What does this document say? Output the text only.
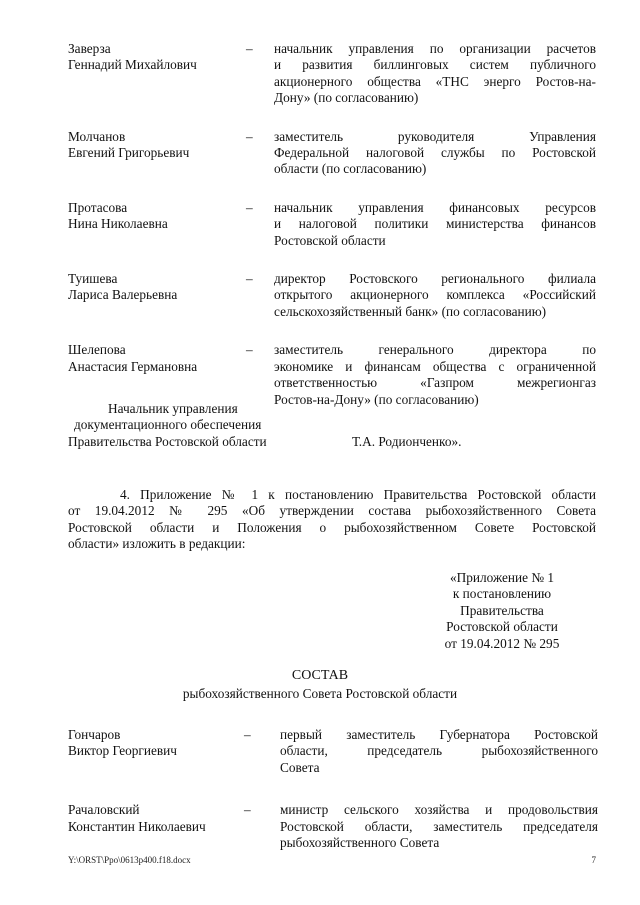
Заверза
Геннадий Михайлович
–	начальник управления по организации расчетов
и развития биллинговых систем публичного
акционерного общества «ТНС энерго Ростов-на-
Дону» (по согласованию)
Молчанов
Евгений Григорьевич
–	заместитель руководителя Управления
Федеральной налоговой службы по Ростовской
области (по согласованию)
Протасова
Нина Николаевна
–	начальник управления финансовых ресурсов
и налоговой политики министерства финансов
Ростовской области
Туишева
Лариса Валерьевна
–	директор Ростовского регионального филиала
открытого акционерного комплекса «Российский
сельскохозяйственный банк» (по согласованию)
Шелепова
Анастасия Германовна
–	заместитель генерального директора по
экономике и финансам общества с ограниченной
ответственностью «Газпром межрегионгаз
Ростов-на-Дону» (по согласованию)
Начальник управления
документационного обеспечения
Правительства Ростовской области	Т.А. Родионченко».
4. Приложение № 1 к постановлению Правительства Ростовской области
от 19.04.2012 № 295 «Об утверждении состава рыбохозяйственного Совета
Ростовской области и Положения о рыбохозяйственном Совете Ростовской
области» изложить в редакции:
«Приложение № 1
к постановлению
Правительства
Ростовской области
от 19.04.2012 № 295
СОСТАВ
рыбохозяйственного Совета Ростовской области
Гончаров
Виктор Георгиевич
–	первый заместитель Губернатора Ростовской
области, председатель рыбохозяйственного
Совета
Рачаловский
Константин Николаевич
–	министр сельского хозяйства и продовольствия
Ростовской области, заместитель председателя
рыбохозяйственного Совета
Y:\ORST\Ppo\0613p400.f18.docx	7
